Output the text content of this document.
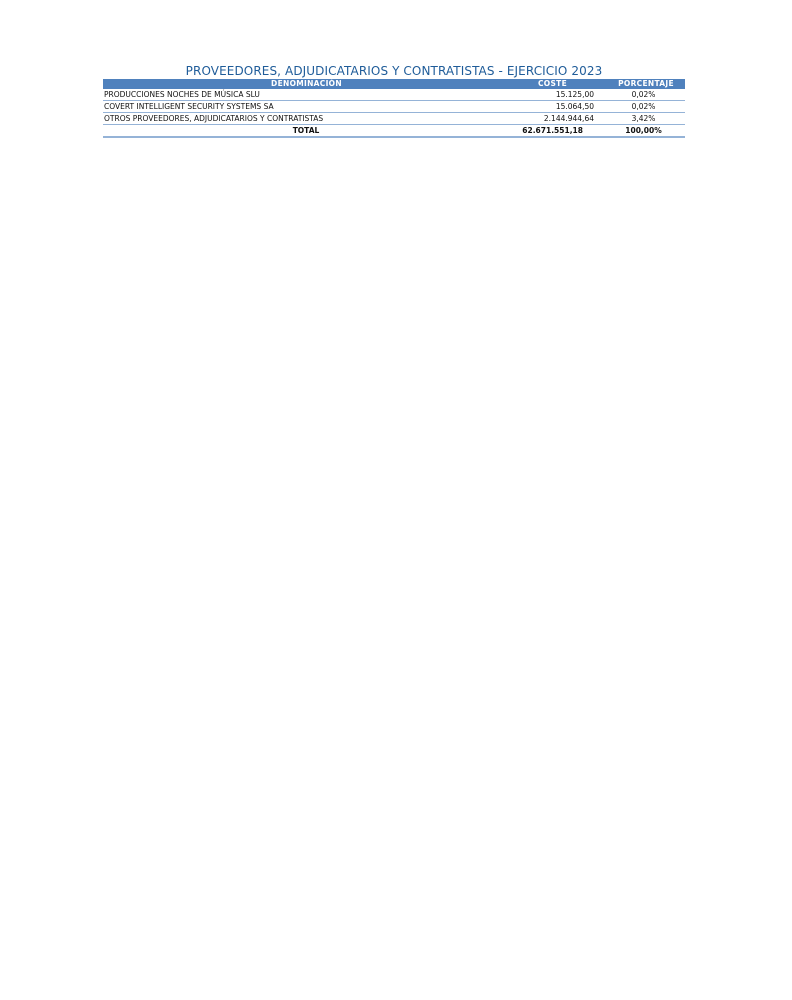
PROVEEDORES, ADJUDICATARIOS Y CONTRATISTAS - EJERCICIO 2023
DENOMINACIÓN	COSTE	PORCENTAJE
PRODUCCIONES NOCHES DE MÚSICA SLU	15.125,00	0,02%
COVERT INTELLIGENT SECURITY SYSTEMS SA	15.064,50	0,02%
OTROS PROVEEDORES, ADJUDICATARIOS Y CONTRATISTAS	2.144.944,64	3,42%
TOTAL	62.671.551,18	100,00%
